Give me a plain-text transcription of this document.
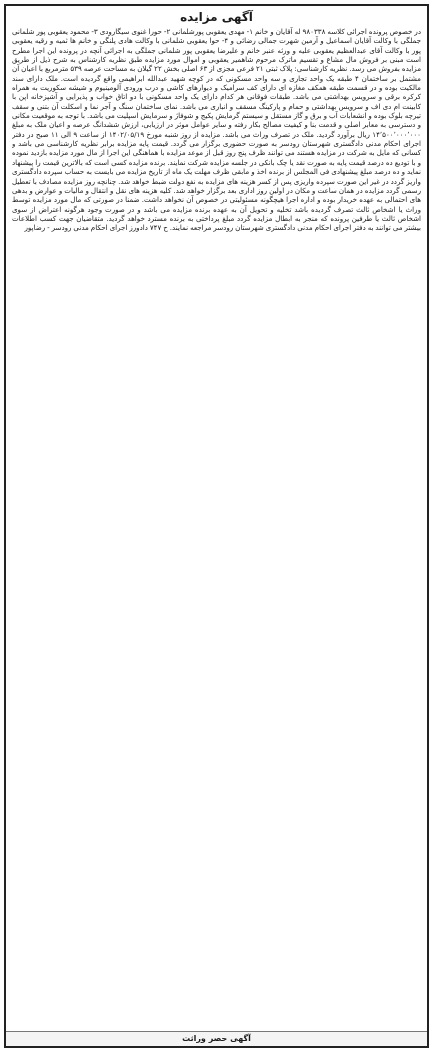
آگهی مزایده

در خصوص پرونده اجرائی کلاسه ۹۸۰۳۳۸ له آقایان و خانم ۱- مهدی یعقوبی پورشلمانی ۲- حورا غنوی سیگارودی ۳- محمود یعقوبی پور شلمانی جملگی با وکالت آقایان اسماعیل و آرمین شهرت جمالی رضائی و ۴- حوا یعقوبی شلمانی با وکالت هادی پلنگی و خانم ها ثمیه و رقیه یعقوبی پور با وکالت آقای عبدالعظیم یعقوبی علیه و ورثه عنبر خانم و علیرضا یعقوبی پور شلمانی جملگی به اجرائی آنچه در پرونده این اجرا مطرح است مبنی بر فروش مال مشاع و تقسیم ماترک مرحوم شاهمیر یعقوبی و اموال مورد مزایده طبق نظریه کارشناس به شرح ذیل از طریق مزایده بفروش می رسد. نظریه کارشناسی: پلاک ثبتی ۲۱ فرعی مجزی از ۶۳ اصلی بخش ۲۲ گیلان به مساحت عرصه ۵۳۹ مترمربع با اعیان آن مشتمل بر ساختمان ۴ طبقه یک واحد تجاری و سه واحد مسکونی که در کوچه شهید عبدالله ابراهیمی واقع گردیده است. ملک دارای سند مالکیت بوده و در قسمت طبقه همکف مغازه ای دارای کف سرامیک و دیوارهای کاشی و درب ورودی آلومینیوم و شیشه سکوریت به همراه کرکره برقی و سرویس بهداشتی می باشد. طبقات فوقانی هر کدام دارای یک واحد مسکونی با دو اتاق خواب و پذیرایی و آشپزخانه اپن با کابینت ام دی اف و سرویس بهداشتی و حمام و پارکینگ مسقف و انباری می باشد. نمای ساختمان سنگ و آجر نما و اسکلت آن بتنی و سقف تیرچه بلوک بوده و انشعابات آب و برق و گاز مستقل و سیستم گرمایش پکیج و شوفاژ و سرمایش اسپلیت می باشد. با توجه به موقعیت مکانی و دسترسی به معابر اصلی و قدمت بنا و کیفیت مصالح بکار رفته و سایر عوامل موثر در ارزیابی، ارزش ششدانگ عرصه و اعیان ملک به مبلغ ۱۴٬۵۰۰٬۰۰۰٬۰۰۰ ریال برآورد گردید. ملک در تصرف وراث می باشد. مزایده از روز شنبه مورخ ۱۴۰۲/۰۵/۱۹ از ساعت ۹ الی ۱۱ صبح در دفتر اجرای احکام مدنی دادگستری شهرستان رودسر به صورت حضوری برگزار می گردد. قیمت پایه مزایده برابر نظریه کارشناسی می باشد و کسانی که مایل به شرکت در مزایده هستند می توانند ظرف پنج روز قبل از موعد مزایده با هماهنگی این اجرا از مال مورد مزایده بازدید نموده و با تودیع ده درصد قیمت پایه به صورت نقد یا چک بانکی در جلسه مزایده شرکت نمایند. برنده مزایده کسی است که بالاترین قیمت را پیشنهاد نماید و ده درصد مبلغ پیشنهادی فی المجلس از برنده اخذ و مابقی ظرف مهلت یک ماه از تاریخ مزایده می بایست به حساب سپرده دادگستری واریز گردد در غیر این صورت سپرده واریزی پس از کسر هزینه های مزایده به نفع دولت ضبط خواهد شد. چنانچه روز مزایده مصادف با تعطیل رسمی گردد مزایده در همان ساعت و مکان در اولین روز اداری بعد برگزار خواهد شد. کلیه هزینه های نقل و انتقال و مالیات و عوارض و بدهی های احتمالی به عهده خریدار بوده و اداره اجرا هیچگونه مسئولیتی در خصوص آن نخواهد داشت. ضمنا در صورتی که مال مورد مزایده توسط وراث یا اشخاص ثالث تصرف گردیده باشد تخلیه و تحویل آن به عهده برنده مزایده می باشد و در صورت وجود هرگونه اعتراض از سوی اشخاص ثالث یا طرفین پرونده که منجر به ابطال مزایده گردد مبلغ پرداختی به برنده مسترد خواهد گردید. متقاضیان جهت کسب اطلاعات بیشتر می توانند به دفتر اجرای احکام مدنی دادگستری شهرستان رودسر مراجعه نمایند. ح ۷۴۷ دادورز اجرای احکام مدنی رودسر - رضاپور

آگهی حصر وراثت
